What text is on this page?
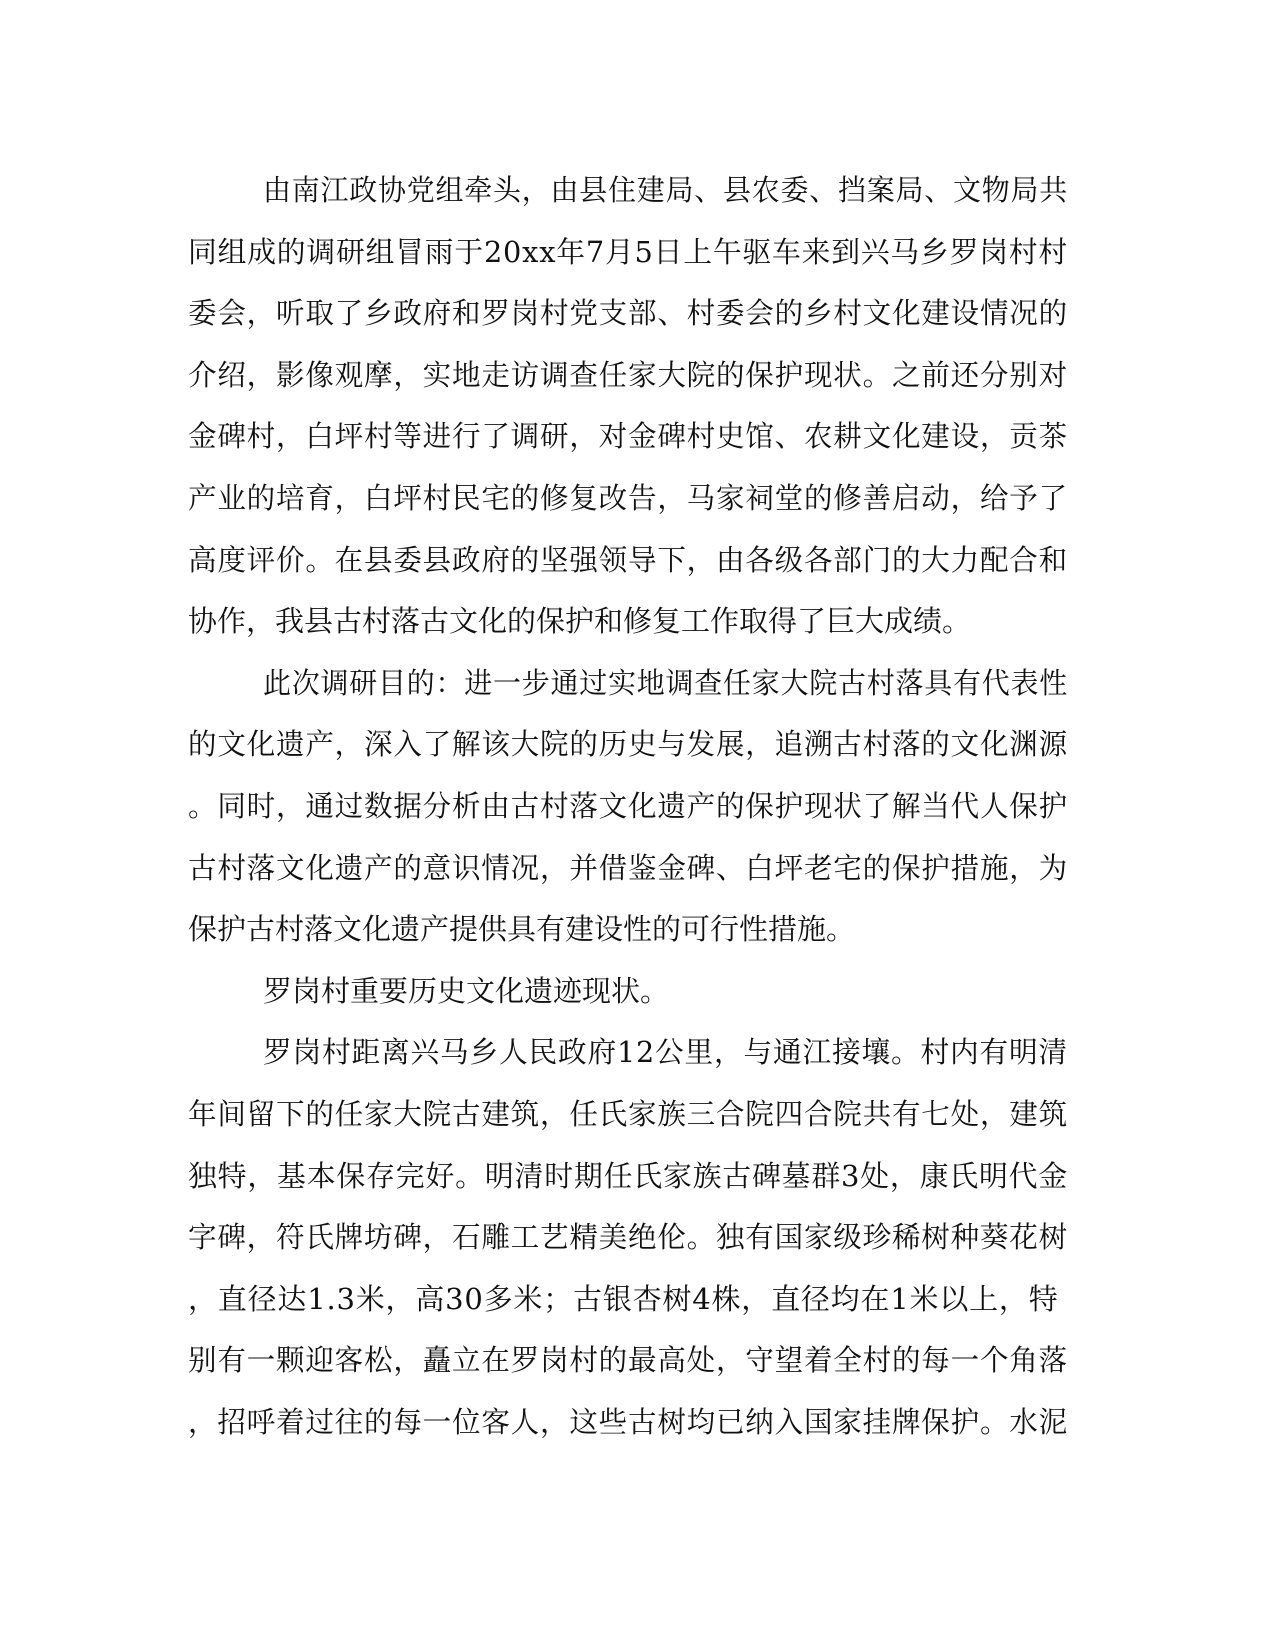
由南江政协党组牵头，由县住建局、县农委、挡案局、文物局共
同组成的调研组冒雨于20xx年7月5日上午驱车来到兴马乡罗岗村村
委会，听取了乡政府和罗岗村党支部、村委会的乡村文化建设情况的
介绍，影像观摩，实地走访调查任家大院的保护现状。之前还分别对
金碑村，白坪村等进行了调研，对金碑村史馆、农耕文化建设，贡茶
产业的培育，白坪村民宅的修复改告，马家祠堂的修善启动，给予了
高度评价。在县委县政府的坚强领导下，由各级各部门的大力配合和
协作，我县古村落古文化的保护和修复工作取得了巨大成绩。
此次调研目的：进一步通过实地调查任家大院古村落具有代表性
的文化遗产，深入了解该大院的历史与发展，追溯古村落的文化渊源
。同时，通过数据分析由古村落文化遗产的保护现状了解当代人保护
古村落文化遗产的意识情况，并借鉴金碑、白坪老宅的保护措施，为
保护古村落文化遗产提供具有建设性的可行性措施。
罗岗村重要历史文化遗迹现状。
罗岗村距离兴马乡人民政府12公里，与通江接壤。村内有明清
年间留下的任家大院古建筑，任氏家族三合院四合院共有七处，建筑
独特，基本保存完好。明清时期任氏家族古碑墓群3处，康氏明代金
字碑，符氏牌坊碑，石雕工艺精美绝伦。独有国家级珍稀树种葵花树
，直径达1.3米，高30多米；古银杏树4株，直径均在1米以上，特
别有一颗迎客松，矗立在罗岗村的最高处，守望着全村的每一个角落
，招呼着过往的每一位客人，这些古树均已纳入国家挂牌保护。水泥
